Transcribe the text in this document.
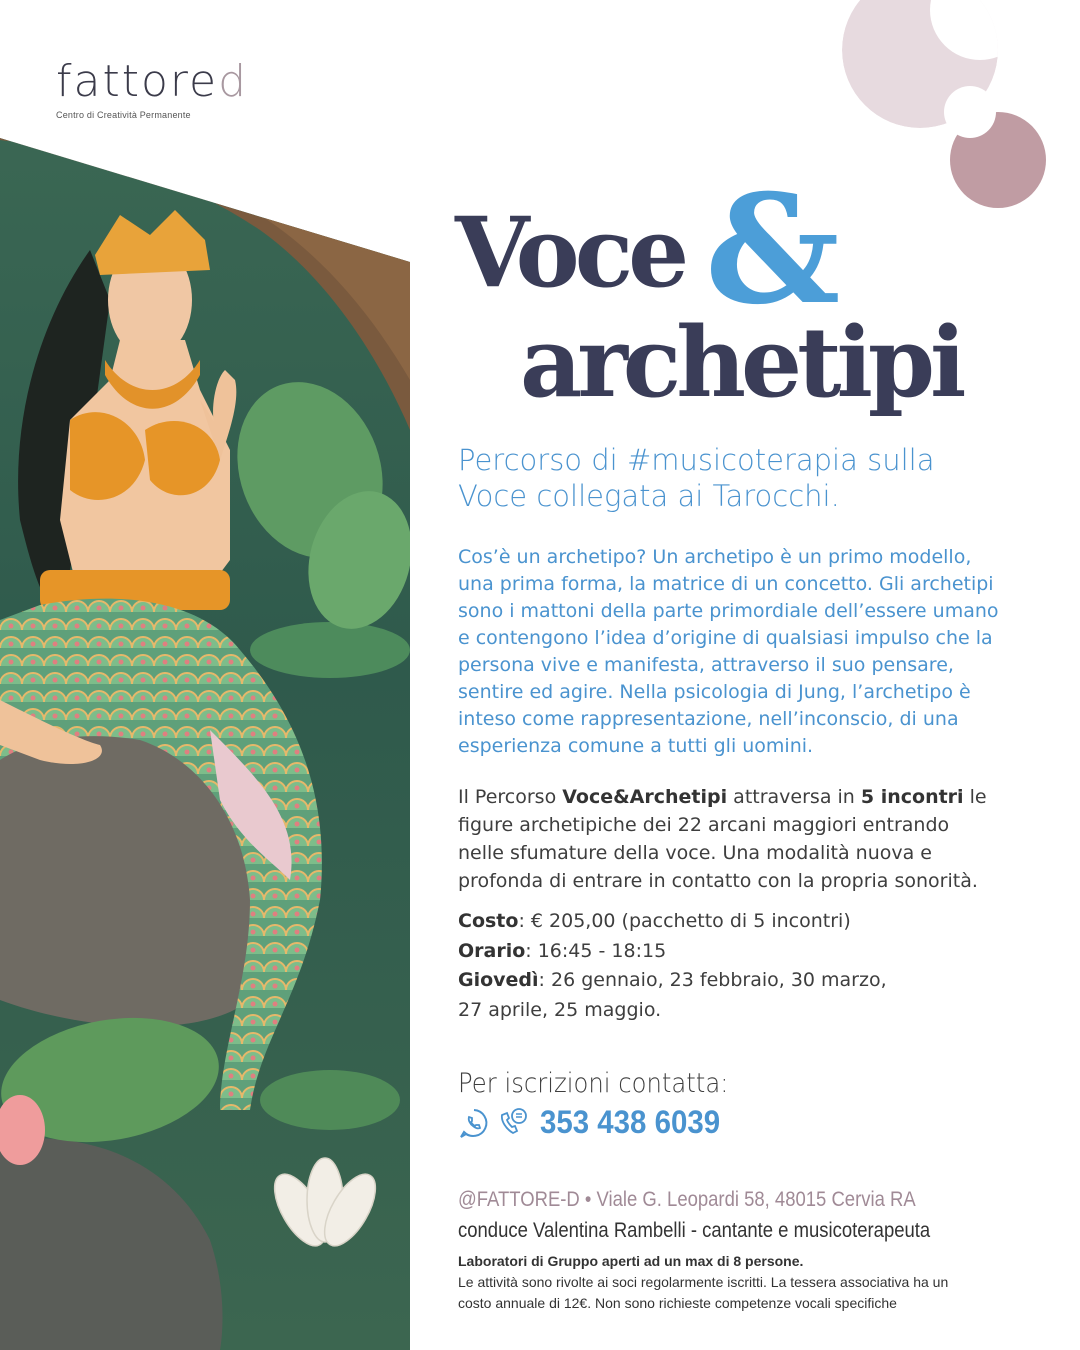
fattored
Centro di Creatività Permanente
Voce &
archetipi
Percorso di #musicoterapia sulla
Voce collegata ai Tarocchi.
Cos’è un archetipo? Un archetipo è un primo modello,
una prima forma, la matrice di un concetto. Gli archetipi
sono i mattoni della parte primordiale dell’essere umano
e contengono l’idea d’origine di qualsiasi impulso che la
persona vive e manifesta, attraverso il suo pensare,
sentire ed agire. Nella psicologia di Jung, l’archetipo è
inteso come rappresentazione, nell’inconscio, di una
esperienza comune a tutti gli uomini.
Il Percorso Voce&Archetipi attraversa in 5 incontri le
figure archetipiche dei 22 arcani maggiori entrando
nelle sfumature della voce. Una modalità nuova e
profonda di entrare in contatto con la propria sonorità.
Costo: € 205,00 (pacchetto di 5 incontri)
Orario: 16:45 - 18:15
Giovedì: 26 gennaio, 23 febbraio, 30 marzo,
27 aprile, 25 maggio.
Per iscrizioni contatta:
353 438 6039
@FATTORE-D • Viale G. Leopardi 58, 48015 Cervia RA
conduce Valentina Rambelli - cantante e musicoterapeuta
Laboratori di Gruppo aperti ad un max di 8 persone.
Le attività sono rivolte ai soci regolarmente iscritti. La tessera associativa ha un
costo annuale di 12€. Non sono richieste competenze vocali specifiche
